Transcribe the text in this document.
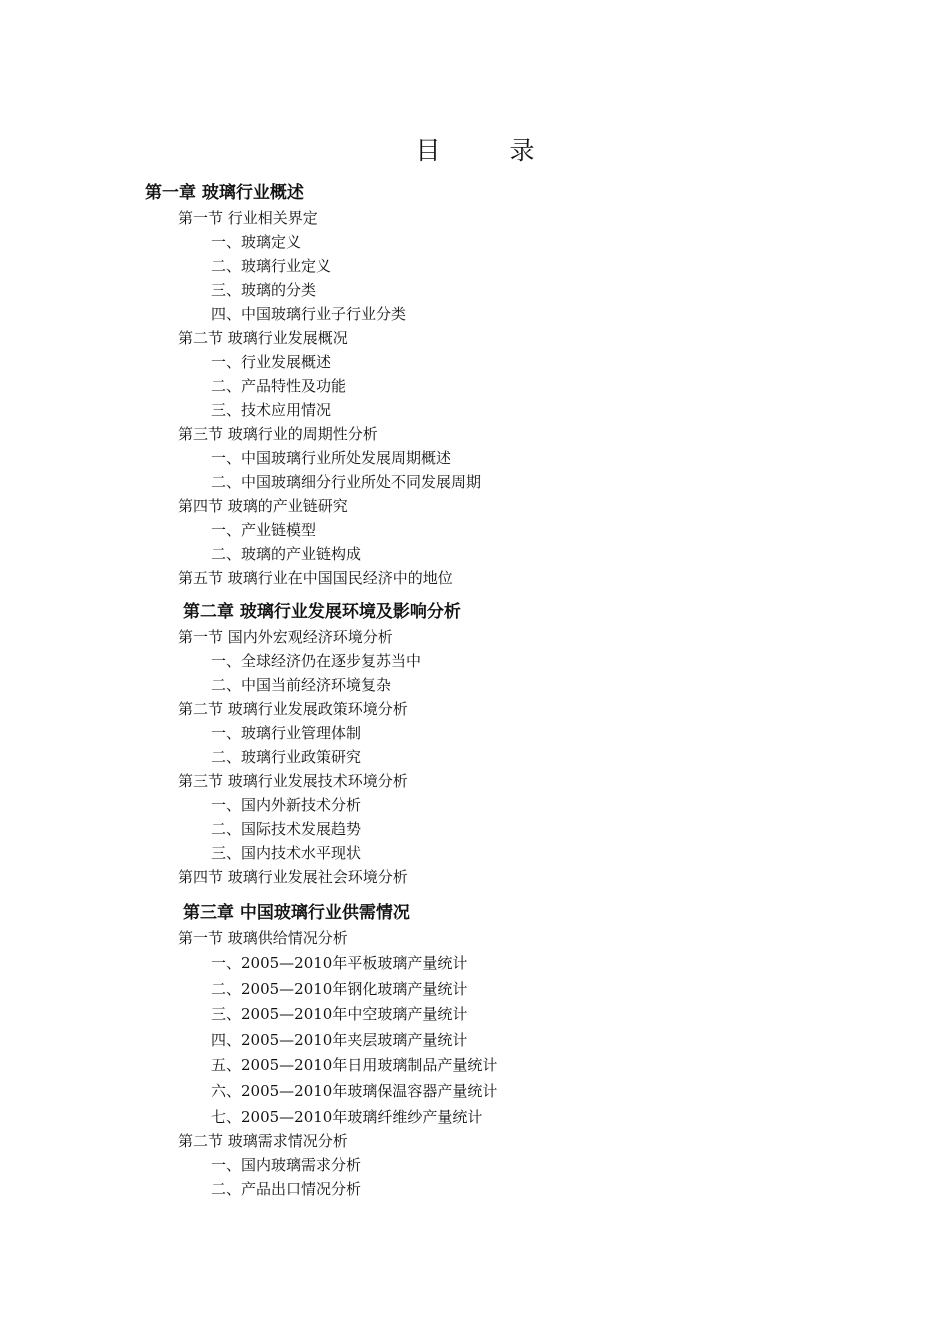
目　录
第一章 玻璃行业概述
第一节 行业相关界定
一、玻璃定义
二、玻璃行业定义
三、玻璃的分类
四、中国玻璃行业子行业分类
第二节 玻璃行业发展概况
一、行业发展概述
二、产品特性及功能
三、技术应用情况
第三节 玻璃行业的周期性分析
一、中国玻璃行业所处发展周期概述
二、中国玻璃细分行业所处不同发展周期
第四节 玻璃的产业链研究
一、产业链模型
二、玻璃的产业链构成
第五节 玻璃行业在中国国民经济中的地位
第二章 玻璃行业发展环境及影响分析
第一节 国内外宏观经济环境分析
一、全球经济仍在逐步复苏当中
二、中国当前经济环境复杂
第二节 玻璃行业发展政策环境分析
一、玻璃行业管理体制
二、玻璃行业政策研究
第三节 玻璃行业发展技术环境分析
一、国内外新技术分析
二、国际技术发展趋势
三、国内技术水平现状
第四节 玻璃行业发展社会环境分析
第三章 中国玻璃行业供需情况
第一节 玻璃供给情况分析
一、2005—2010年平板玻璃产量统计
二、2005—2010年钢化玻璃产量统计
三、2005—2010年中空玻璃产量统计
四、2005—2010年夹层玻璃产量统计
五、2005—2010年日用玻璃制品产量统计
六、2005—2010年玻璃保温容器产量统计
七、2005—2010年玻璃纤维纱产量统计
第二节 玻璃需求情况分析
一、国内玻璃需求分析
二、产品出口情况分析
